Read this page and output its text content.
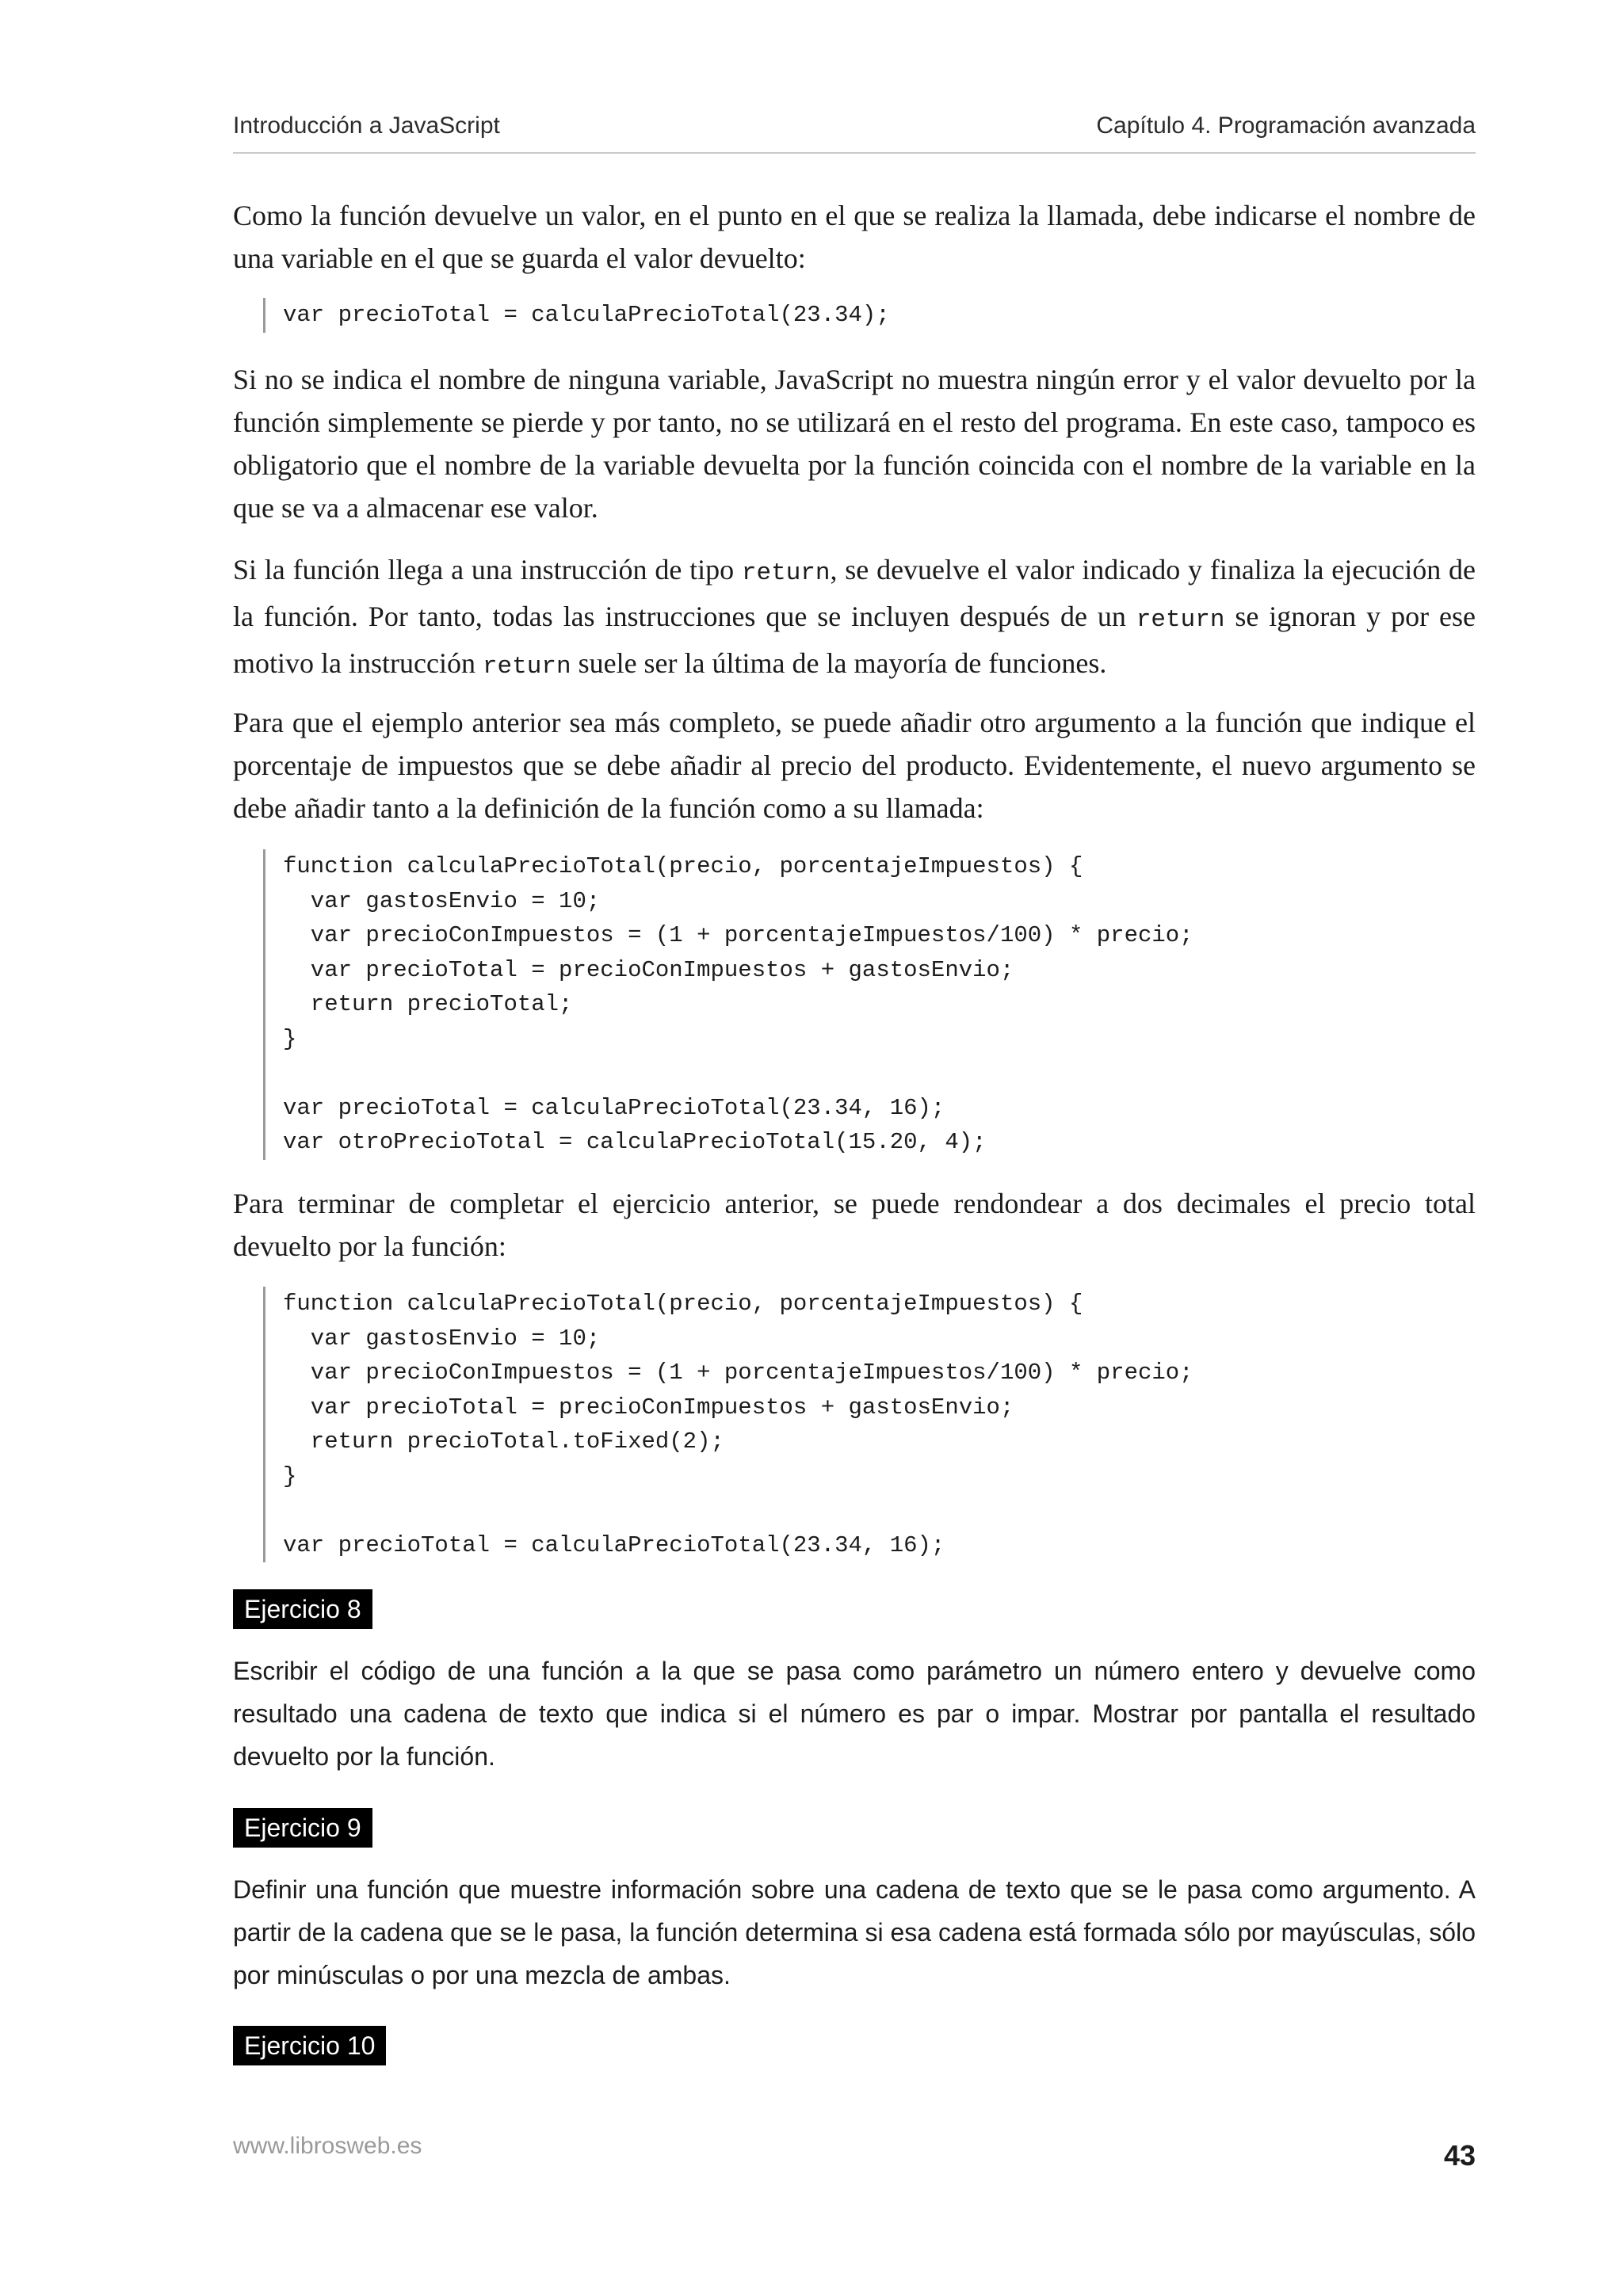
Introducción a JavaScript	Capítulo 4. Programación avanzada

Como la función devuelve un valor, en el punto en el que se realiza la llamada, debe indicarse el nombre de una variable en el que se guarda el valor devuelto:

var precioTotal = calculaPrecioTotal(23.34);

Si no se indica el nombre de ninguna variable, JavaScript no muestra ningún error y el valor devuelto por la función simplemente se pierde y por tanto, no se utilizará en el resto del programa. En este caso, tampoco es obligatorio que el nombre de la variable devuelta por la función coincida con el nombre de la variable en la que se va a almacenar ese valor.

Si la función llega a una instrucción de tipo return, se devuelve el valor indicado y finaliza la ejecución de la función. Por tanto, todas las instrucciones que se incluyen después de un return se ignoran y por ese motivo la instrucción return suele ser la última de la mayoría de funciones.

Para que el ejemplo anterior sea más completo, se puede añadir otro argumento a la función que indique el porcentaje de impuestos que se debe añadir al precio del producto. Evidentemente, el nuevo argumento se debe añadir tanto a la definición de la función como a su llamada:

function calculaPrecioTotal(precio, porcentajeImpuestos) {
var gastosEnvio = 10;
var precioConImpuestos = (1 + porcentajeImpuestos/100) * precio;
var precioTotal = precioConImpuestos + gastosEnvio;
return precioTotal;
}

var precioTotal = calculaPrecioTotal(23.34, 16);
var otroPrecioTotal = calculaPrecioTotal(15.20, 4);

Para terminar de completar el ejercicio anterior, se puede rendondear a dos decimales el precio total devuelto por la función:

function calculaPrecioTotal(precio, porcentajeImpuestos) {
var gastosEnvio = 10;
var precioConImpuestos = (1 + porcentajeImpuestos/100) * precio;
var precioTotal = precioConImpuestos + gastosEnvio;
return precioTotal.toFixed(2);
}

var precioTotal = calculaPrecioTotal(23.34, 16);
Ejercicio 8

Escribir el código de una función a la que se pasa como parámetro un número entero y devuelve como resultado una cadena de texto que indica si el número es par o impar. Mostrar por pantalla el resultado devuelto por la función.

Ejercicio 9

Definir una función que muestre información sobre una cadena de texto que se le pasa como argumento. A partir de la cadena que se le pasa, la función determina si esa cadena está formada sólo por mayúsculas, sólo por minúsculas o por una mezcla de ambas.

Ejercicio 10
www.librosweb.es	43
